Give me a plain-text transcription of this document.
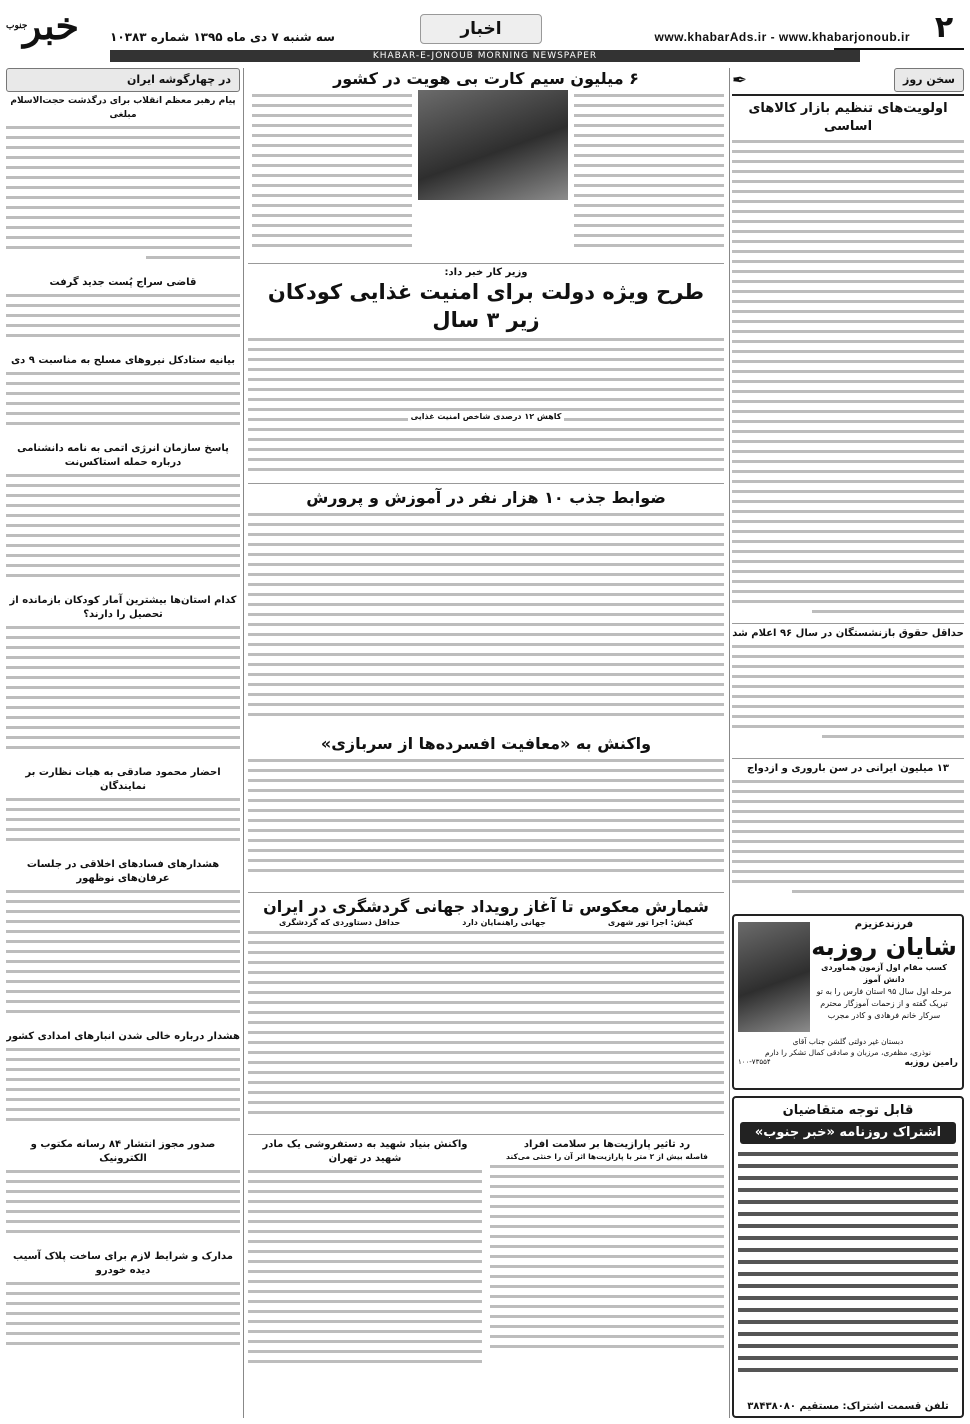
۲
www.khabarAds.ir - www.khabarjonoub.ir
اخبار
سه شنبه ۷ دی ماه ۱۳۹۵ شماره ۱۰۳۸۳
خبر
جنوب
KHABAR-E-JONOUB MORNING NEWSPAPER
سخن روز
✒

اولویت‌های تنظیم بازار کالاهای اساسی

حداقل حقوق بازنشستگان در سال ۹۶ اعلام شد

۱۳ میلیون ایرانی در سن باروری و ازدواج

فرزندعزیزم
شایان روزبه
کسب مقام اول آزمون هماوردی دانش آموز
مرحله اول سال ۹۵ استان فارس را به تو
تبریک گفته و از زحمات آموزگار محترم
سرکار خانم فرهادی و کادر مجرب
دبستان غیر دولتی گلشن جناب آقای
نوذری، مظفری، مرزبان و صادقی کمال تشکر را دارم
رامین روزبه
۱۰۰-۷۳۵۵۴
قابل توجه متقاضیان
اشتراک روزنامه «خبر جنوب»
تلفن قسمت اشتراک: مستقیم ۳۸۴۳۸۰۸۰

۶ میلیون سیم کارت بی هویت در کشور

وزیر کار خبر داد:

طرح ویژه دولت برای امنیت غذایی کودکان زیر ۳ سال

کاهش ۱۲ درصدی شاخص امنیت غذایی

ضوابط جذب ۱۰ هزار نفر در آموزش و پرورش

واکنش به «معافیت افسرده‌ها از سربازی»

شمارش معکوس تا آغاز رویداد جهانی گردشگری در ایران

کیش: اجرا تور شهری
جهانی راهنمایان دارد
حداقل دستاوردی که گردشگری

رد تاثیر پارازیت‌ها بر سلامت افراد

فاصله بیش از ۲ متر با پارازیت‌ها اثر آن را خنثی می‌کند

واکنش بنیاد شهید به دستفروشی یک مادر شهید در تهران

در چهارگوشه ایران

پیام رهبر معظم انقلاب برای درگذشت حجت‌الاسلام مبلغی

قاضی سراج پُست جدید گرفت

بیانیه ستادکل نیروهای مسلح به مناسبت ۹ دی

پاسخ سازمان انرژی اتمی به نامه دانشنامی درباره حمله استاکس‌نت

کدام استان‌ها بیشترین آمار کودکان بازمانده از تحصیل را دارند؟

احضار محمود صادقی به هیات نظارت بر نمایندگان

هشدارهای فسادهای اخلاقی در جلسات عرفان‌های نوظهور

هشدار درباره خالی شدن انبارهای امدادی کشور

صدور مجوز انتشار ۸۴ رسانه مکتوب و الکترونیک

مدارک و شرایط لازم برای ساخت پلاک آسیب دیده خودرو
